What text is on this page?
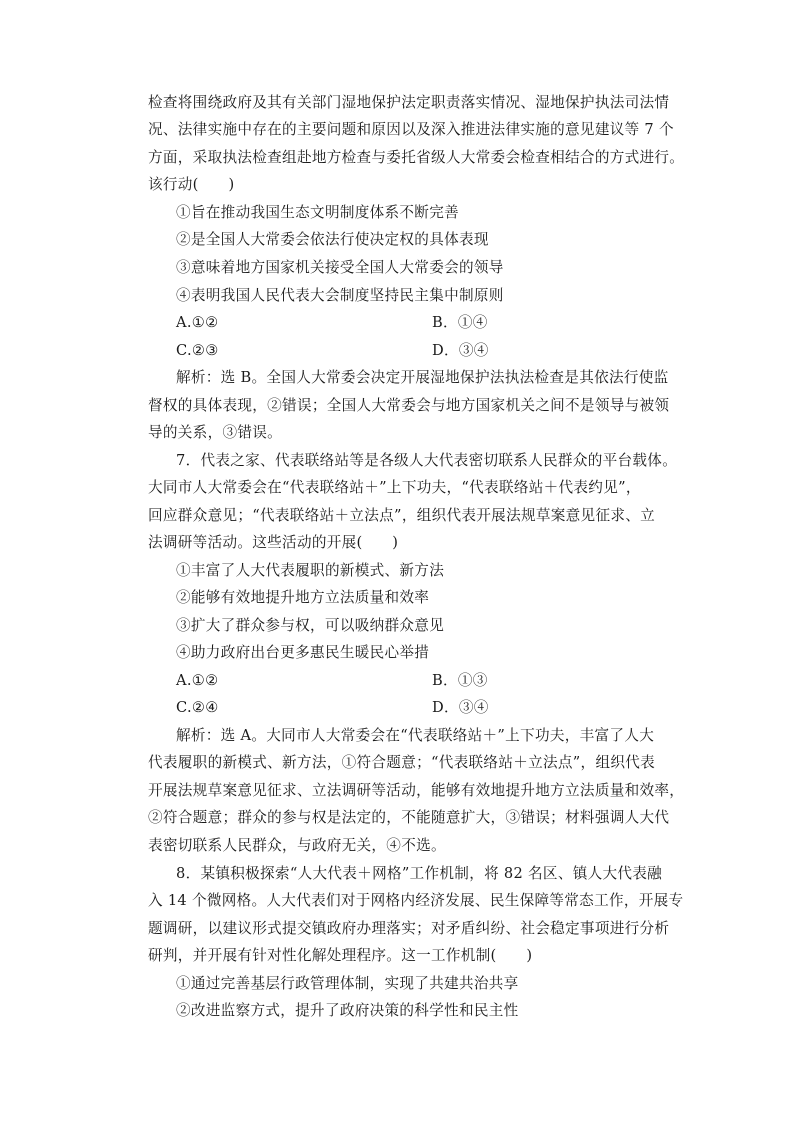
检查将围绕政府及其有关部门湿地保护法定职责落实情况、湿地保护执法司法情
况、法律实施中存在的主要问题和原因以及深入推进法律实施的意见建议等 7 个
方面，采取执法检查组赴地方检查与委托省级人大常委会检查相结合的方式进行。
该行动(　　)
①旨在推动我国生态文明制度体系不断完善
②是全国人大常委会依法行使决定权的具体表现
③意味着地方国家机关接受全国人大常委会的领导
④表明我国人民代表大会制度坚持民主集中制原则
A.①②	B．①④
C.②③	D．③④
解析：选 B。全国人大常委会决定开展湿地保护法执法检查是其依法行使监
督权的具体表现，②错误；全国人大常委会与地方国家机关之间不是领导与被领
导的关系，③错误。
7．代表之家、代表联络站等是各级人大代表密切联系人民群众的平台载体。
大同市人大常委会在“代表联络站＋”上下功夫，“代表联络站＋代表约见”，
回应群众意见；“代表联络站＋立法点”，组织代表开展法规草案意见征求、立
法调研等活动。这些活动的开展(　　)
①丰富了人大代表履职的新模式、新方法
②能够有效地提升地方立法质量和效率
③扩大了群众参与权，可以吸纳群众意见
④助力政府出台更多惠民生暖民心举措
A.①②	B．①③
C.②④	D．③④
解析：选 A。大同市人大常委会在“代表联络站＋”上下功夫，丰富了人大
代表履职的新模式、新方法，①符合题意；“代表联络站＋立法点”，组织代表
开展法规草案意见征求、立法调研等活动，能够有效地提升地方立法质量和效率，
②符合题意；群众的参与权是法定的，不能随意扩大，③错误；材料强调人大代
表密切联系人民群众，与政府无关，④不选。
8．某镇积极探索“人大代表＋网格”工作机制，将 82 名区、镇人大代表融
入 14 个微网格。人大代表们对于网格内经济发展、民生保障等常态工作，开展专
题调研，以建议形式提交镇政府办理落实；对矛盾纠纷、社会稳定事项进行分析
研判，并开展有针对性化解处理程序。这一工作机制(　　)
①通过完善基层行政管理体制，实现了共建共治共享
②改进监察方式，提升了政府决策的科学性和民主性
